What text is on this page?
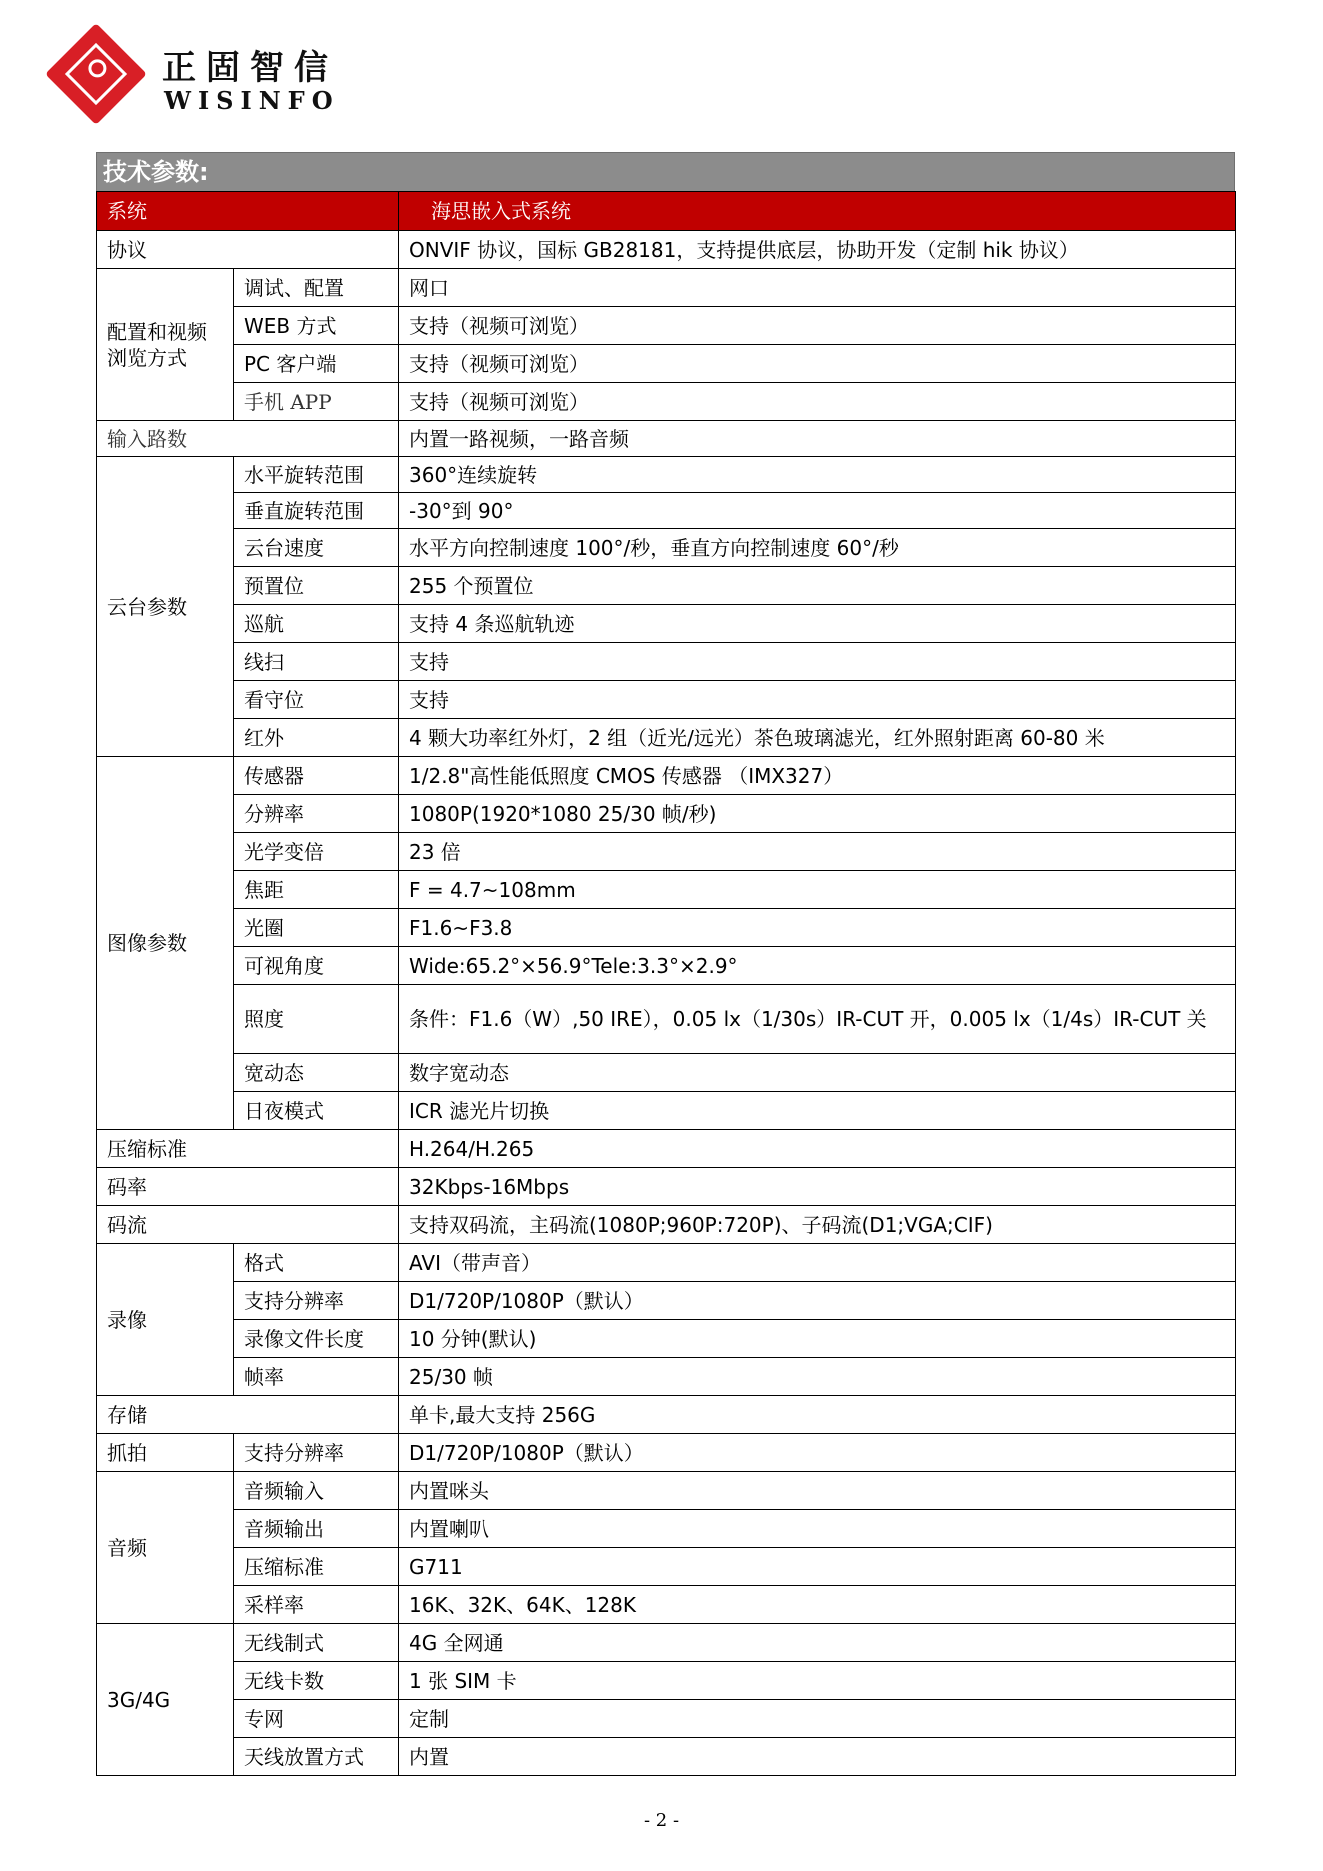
正固智信
WISINFO
技术参数:
系统		海思嵌入式系统
协议		ONVIF 协议，国标 GB28181，支持提供底层，协助开发（定制 hik 协议）
配置和视频
浏览方式	调试、配置	网口
	WEB 方式	支持（视频可浏览）
	PC 客户端	支持（视频可浏览）
	手机 APP	支持（视频可浏览）
输入路数		内置一路视频，一路音频
云台参数	水平旋转范围	360°连续旋转
	垂直旋转范围	-30°到 90°
	云台速度	水平方向控制速度 100°/秒，垂直方向控制速度 60°/秒
	预置位	255 个预置位
	巡航	支持 4 条巡航轨迹
	线扫	支持
	看守位	支持
	红外	4 颗大功率红外灯，2 组（近光/远光）茶色玻璃滤光，红外照射距离 60-80 米
图像参数	传感器	1/2.8"高性能低照度 CMOS 传感器 （IMX327）
	分辨率	1080P(1920*1080 25/30 帧/秒)
	光学变倍	23 倍
	焦距	F = 4.7~108mm
	光圈	F1.6~F3.8
	可视角度	Wide:65.2°×56.9°Tele:3.3°×2.9°
	照度	条件：F1.6（W）,50 IRE），0.05 lx（1/30s）IR-CUT 开，0.005 lx（1/4s）IR-CUT 关
	宽动态	数字宽动态
	日夜模式	ICR 滤光片切换
压缩标准		H.264/H.265
码率		32Kbps-16Mbps
码流		支持双码流，主码流(1080P;960P:720P)、子码流(D1;VGA;CIF)
录像	格式	AVI（带声音）
	支持分辨率	D1/720P/1080P（默认）
	录像文件长度	10 分钟(默认)
	帧率	25/30 帧
存储		单卡,最大支持 256G
抓拍	支持分辨率	D1/720P/1080P（默认）
音频	音频输入	内置咪头
	音频输出	内置喇叭
	压缩标准	G711
	采样率	16K、32K、64K、128K
3G/4G	无线制式	4G 全网通
	无线卡数	1 张 SIM 卡
	专网	定制
	天线放置方式	内置
- 2 -
